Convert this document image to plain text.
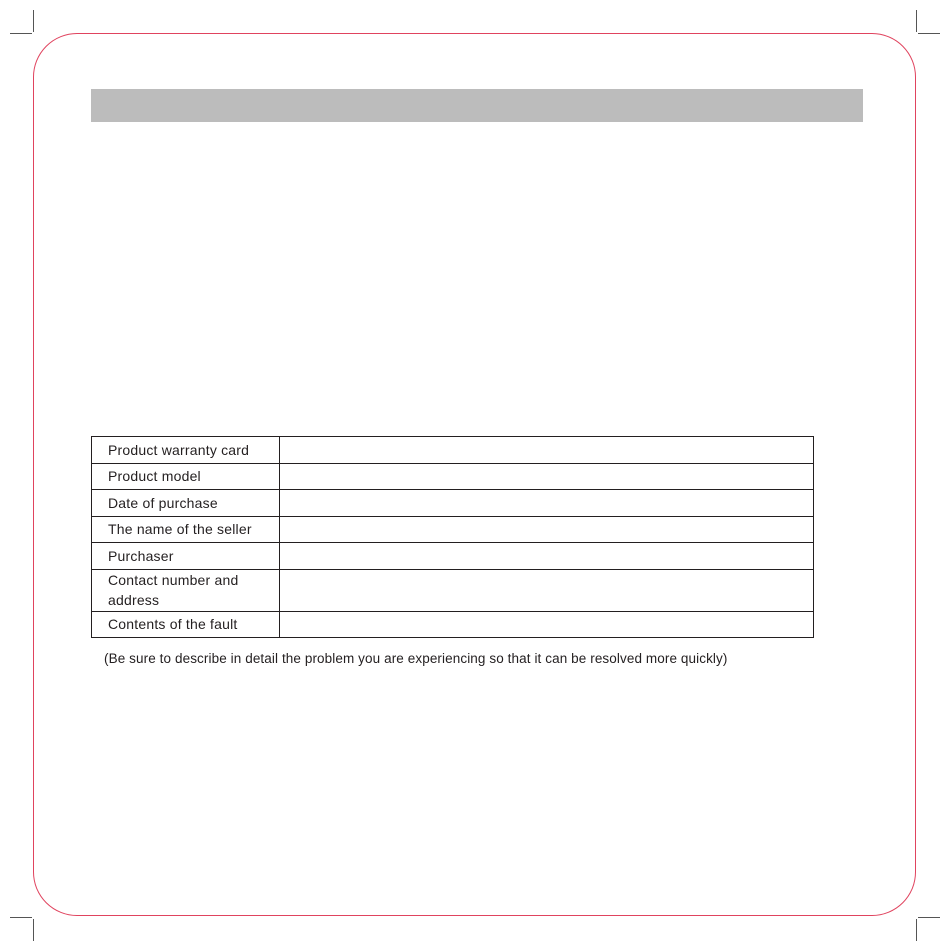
Product warranty card	
Product model	
Date of purchase	
The name of the seller	
Purchaser	
Contact number and address	
Contents of the fault	
(Be sure to describe in detail the problem you are experiencing so that it can be resolved more quickly)
